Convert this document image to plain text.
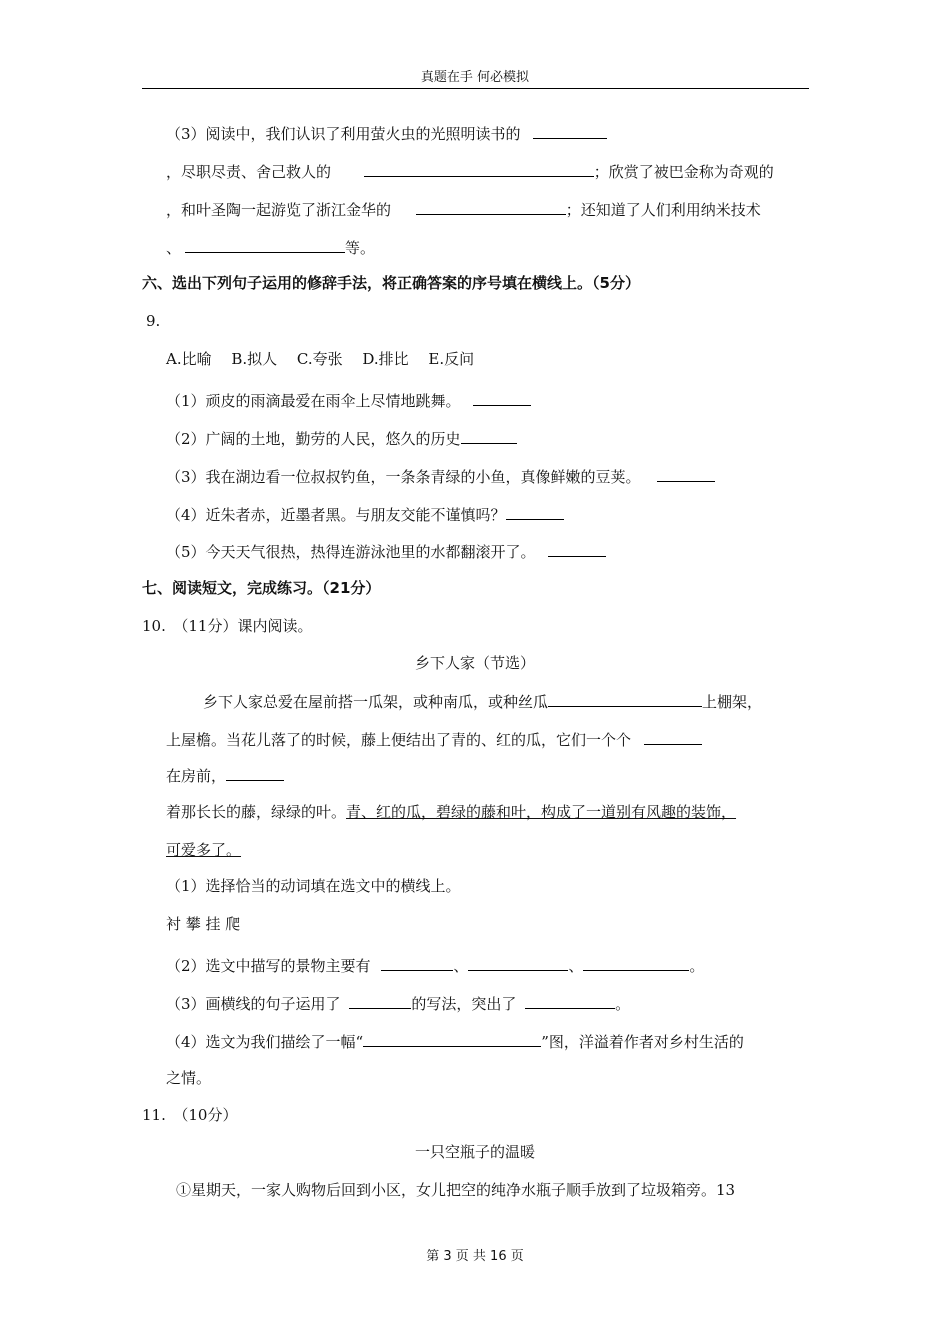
真题在手 何必模拟
（3）阅读中，我们认识了利用萤火虫的光照明读书的
，尽职尽责、舍己救人的	；欣赏了被巴金称为奇观的
，和叶圣陶一起游览了浙江金华的	；还知道了人们利用纳米技术
、	等。
六、选出下列句子运用的修辞手法，将正确答案的序号填在横线上。（5分）
9.
A.比喻　 B.拟人　 C.夸张　 D.排比　 E.反问
（1）顽皮的雨滴最爱在雨伞上尽情地跳舞。
（2）广阔的土地，勤劳的人民，悠久的历史
（3）我在湖边看一位叔叔钓鱼，一条条青绿的小鱼，真像鲜嫩的豆荚。
（4）近朱者赤，近墨者黑。与朋友交能不谨慎吗？
（5）今天天气很热，热得连游泳池里的水都翻滚开了。
七、阅读短文，完成练习。（21分）
10.　（11分）课内阅读。
乡下人家（节选）
乡下人家总爱在屋前搭一瓜架，或种南瓜，或种丝瓜	上棚架，
上屋檐。当花儿落了的时候，藤上便结出了青的、红的瓜，它们一个个
在房前，
着那长长的藤，绿绿的叶。青、红的瓜，碧绿的藤和叶，构成了一道别有风趣的装饰，
可爱多了。
（1）选择恰当的动词填在选文中的横线上。
衬 攀 挂 爬
（2）选文中描写的景物主要有	、	、	。
（3）画横线的句子运用了	的写法，突出了	。
（4）选文为我们描绘了一幅“	”图，洋溢着作者对乡村生活的
之情。
11.　（10分）
一只空瓶子的温暖
①星期天，一家人购物后回到小区，女儿把空的纯净水瓶子顺手放到了垃圾箱旁。13
第 3 页 共 16 页
